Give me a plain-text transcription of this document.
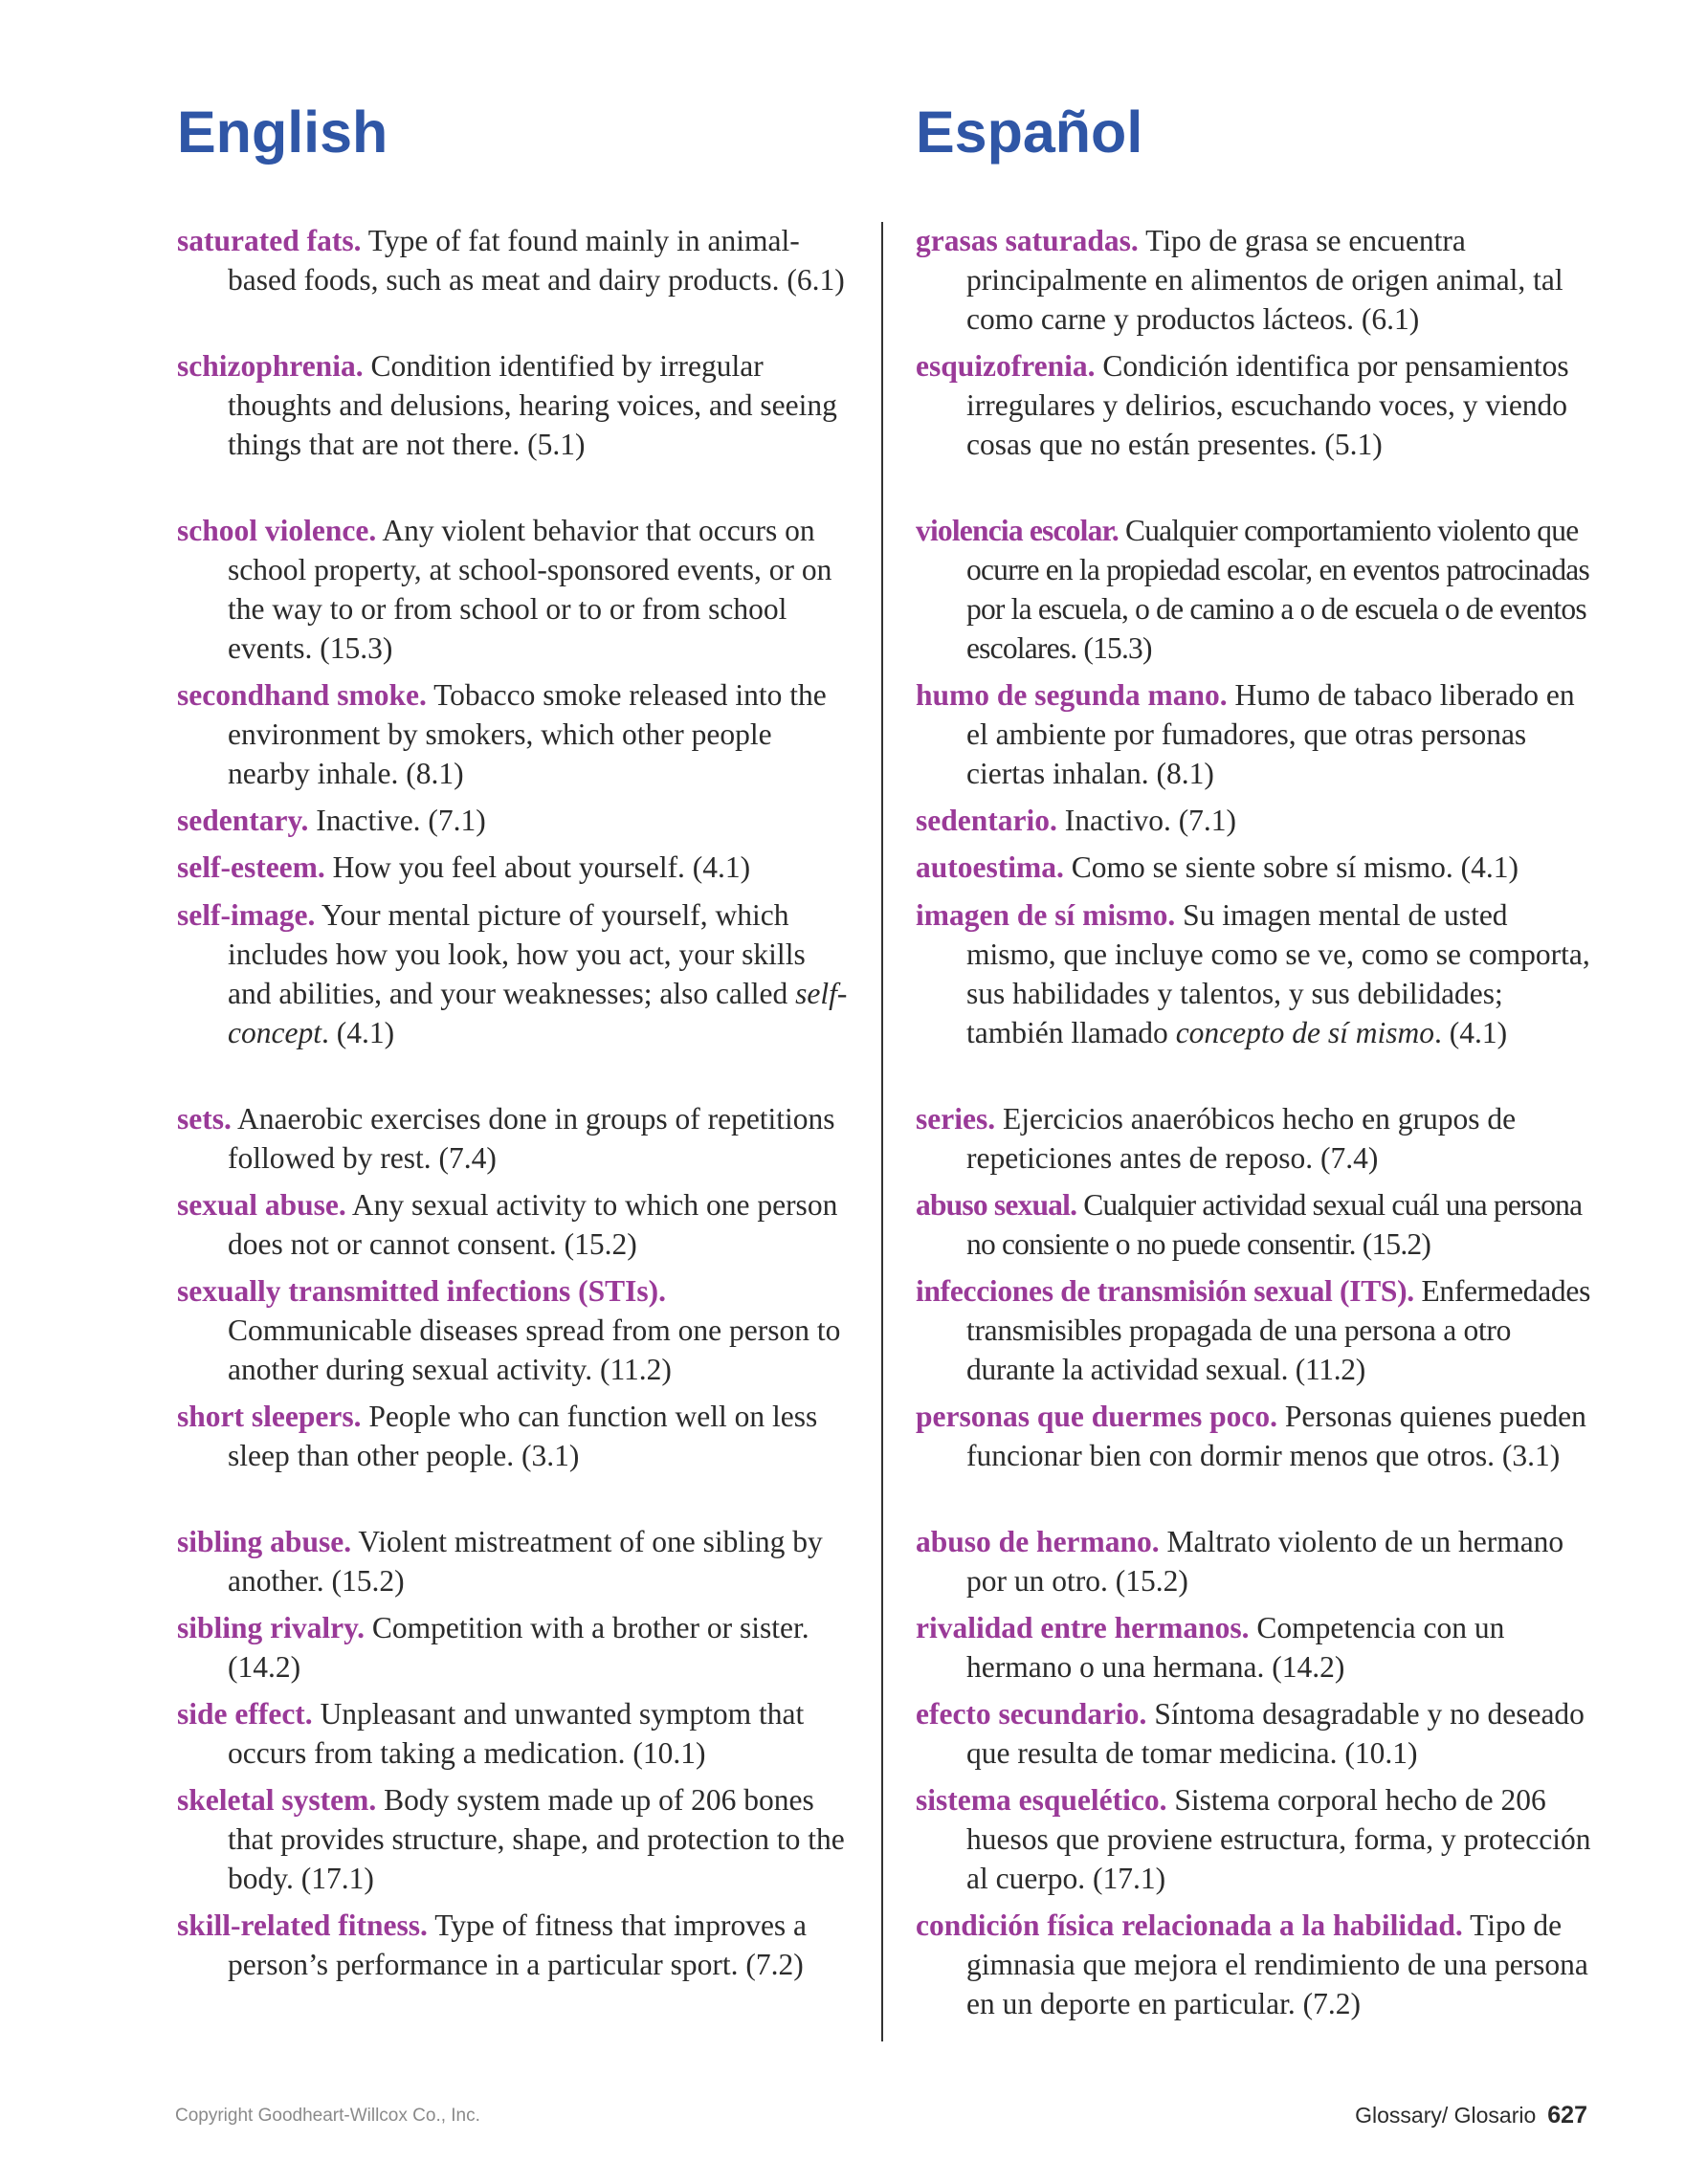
English	Español

saturated fats. Type of fat found mainly in animal-based foods, such as meat and dairy products. (6.1)

schizophrenia. Condition identified by irregular thoughts and delusions, hearing voices, and seeing things that are not there. (5.1)

school violence. Any violent behavior that occurs on school property, at school-sponsored events, or on the way to or from school or to or from school events. (15.3)

secondhand smoke. Tobacco smoke released into the environment by smokers, which other people nearby inhale. (8.1)

sedentary. Inactive. (7.1)

self-esteem. How you feel about yourself. (4.1)

self-image. Your mental picture of yourself, which includes how you look, how you act, your skills and abilities, and your weaknesses; also called self-concept. (4.1)

sets. Anaerobic exercises done in groups of repetitions followed by rest. (7.4)

sexual abuse. Any sexual activity to which one person does not or cannot consent. (15.2)

sexually transmitted infections (STIs). Communicable diseases spread from one person to another during sexual activity. (11.2)

short sleepers. People who can function well on less sleep than other people. (3.1)

sibling abuse. Violent mistreatment of one sibling by another. (15.2)

sibling rivalry. Competition with a brother or sister. (14.2)

side effect. Unpleasant and unwanted symptom that occurs from taking a medication. (10.1)

skeletal system. Body system made up of 206 bones that provides structure, shape, and protection to the body. (17.1)

skill-related fitness. Type of fitness that improves a person’s performance in a particular sport. (7.2)

grasas saturadas. Tipo de grasa se encuentra principalmente en alimentos de origen animal, tal como carne y productos lácteos. (6.1)

esquizofrenia. Condición identifica por pensamientos irregulares y delirios, escuchando voces, y viendo cosas que no están presentes. (5.1)

violencia escolar. Cualquier comportamiento violento que ocurre en la propiedad escolar, en eventos patrocinadas por la escuela, o de camino a o de escuela o de eventos escolares. (15.3)

humo de segunda mano. Humo de tabaco liberado en el ambiente por fumadores, que otras personas ciertas inhalan. (8.1)

sedentario. Inactivo. (7.1)

autoestima. Como se siente sobre sí mismo. (4.1)

imagen de sí mismo. Su imagen mental de usted mismo, que incluye como se ve, como se comporta, sus habilidades y talentos, y sus debilidades; también llamado concepto de sí mismo. (4.1)

series. Ejercicios anaeróbicos hecho en grupos de repeticiones antes de reposo. (7.4)

abuso sexual. Cualquier actividad sexual cuál una persona no consiente o no puede consentir. (15.2)

infecciones de transmisión sexual (ITS). Enfermedades transmisibles propagada de una persona a otro durante la actividad sexual. (11.2)

personas que duermes poco. Personas quienes pueden funcionar bien con dormir menos que otros. (3.1)

abuso de hermano. Maltrato violento de un hermano por un otro. (15.2)

rivalidad entre hermanos. Competencia con un hermano o una hermana. (14.2)

efecto secundario. Síntoma desagradable y no deseado que resulta de tomar medicina. (10.1)

sistema esquelético. Sistema corporal hecho de 206 huesos que proviene estructura, forma, y protección al cuerpo. (17.1)

condición física relacionada a la habilidad. Tipo de gimnasia que mejora el rendimiento de una persona en un deporte en particular. (7.2)

Copyright Goodheart-Willcox Co., Inc.	Glossary/ Glosario 627
